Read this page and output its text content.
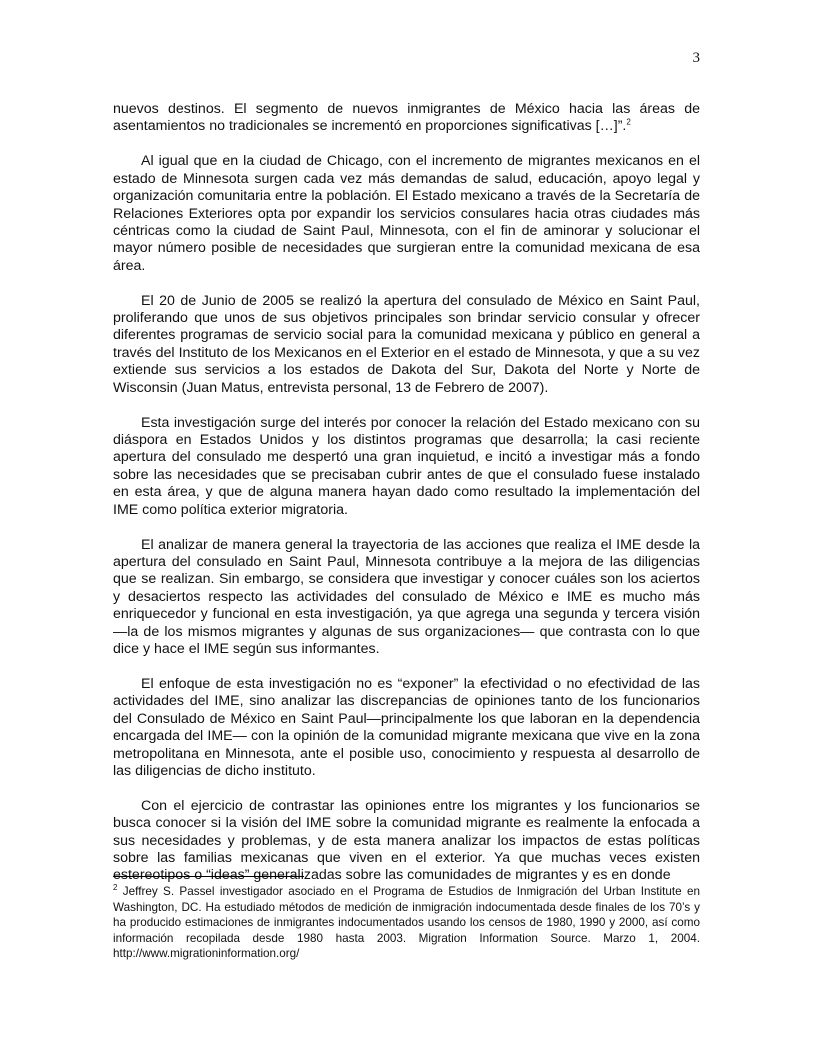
3

nuevos destinos. El segmento de nuevos inmigrantes de México hacia las áreas de asentamientos no tradicionales se incrementó en proporciones significativas […]”.$^2$

Al igual que en la ciudad de Chicago, con el incremento de migrantes mexicanos en el estado de Minnesota surgen cada vez más demandas de salud, educación, apoyo legal y organización comunitaria entre la población. El Estado mexicano a través de la Secretaría de Relaciones Exteriores opta por expandir los servicios consulares hacia otras ciudades más céntricas como la ciudad de Saint Paul, Minnesota, con el fin de aminorar y solucionar el mayor número posible de necesidades que surgieran entre la comunidad mexicana de esa área.

El 20 de Junio de 2005 se realizó la apertura del consulado de México en Saint Paul, proliferando que unos de sus objetivos principales son brindar servicio consular y ofrecer diferentes programas de servicio social para la comunidad mexicana y público en general a través del Instituto de los Mexicanos en el Exterior en el estado de Minnesota, y que a su vez extiende sus servicios a los estados de Dakota del Sur, Dakota del Norte y Norte de Wisconsin (Juan Matus, entrevista personal, 13 de Febrero de 2007).

Esta investigación surge del interés por conocer la relación del Estado mexicano con su diáspora en Estados Unidos y los distintos programas que desarrolla; la casi reciente apertura del consulado me despertó una gran inquietud, e incitó a investigar más a fondo sobre las necesidades que se precisaban cubrir antes de que el consulado fuese instalado en esta área, y que de alguna manera hayan dado como resultado la implementación del IME como política exterior migratoria.

El analizar de manera general la trayectoria de las acciones que realiza el IME desde la apertura del consulado en Saint Paul, Minnesota contribuye a la mejora de las diligencias que se realizan. Sin embargo, se considera que investigar y conocer cuáles son los aciertos y desaciertos respecto las actividades del consulado de México e IME es mucho más enriquecedor y funcional en esta investigación, ya que agrega una segunda y tercera visión —la de los mismos migrantes y algunas de sus organizaciones— que contrasta con lo que dice y hace el IME según sus informantes.

El enfoque de esta investigación no es “exponer” la efectividad o no efectividad de las actividades del IME, sino analizar las discrepancias de opiniones tanto de los funcionarios del Consulado de México en Saint Paul—principalmente los que laboran en la dependencia encargada del IME— con la opinión de la comunidad migrante mexicana que vive en la zona metropolitana en Minnesota, ante el posible uso, conocimiento y respuesta al desarrollo de las diligencias de dicho instituto.

Con el ejercicio de contrastar las opiniones entre los migrantes y los funcionarios se busca conocer si la visión del IME sobre la comunidad migrante es realmente la enfocada a sus necesidades y problemas, y de esta manera analizar los impactos de estas políticas sobre las familias mexicanas que viven en el exterior. Ya que muchas veces existen estereotipos o “ideas” generalizadas sobre las comunidades de migrantes y es en donde

$^2$ Jeffrey S. Passel investigador asociado en el Programa de Estudios de Inmigración del Urban Institute en Washington, DC. Ha estudiado métodos de medición de inmigración indocumentada desde finales de los 70’s y ha producido estimaciones de inmigrantes indocumentados usando los censos de 1980, 1990 y 2000, así como información recopilada desde 1980 hasta 2003. Migration Information Source. Marzo 1, 2004. http://www.migrationinformation.org/
